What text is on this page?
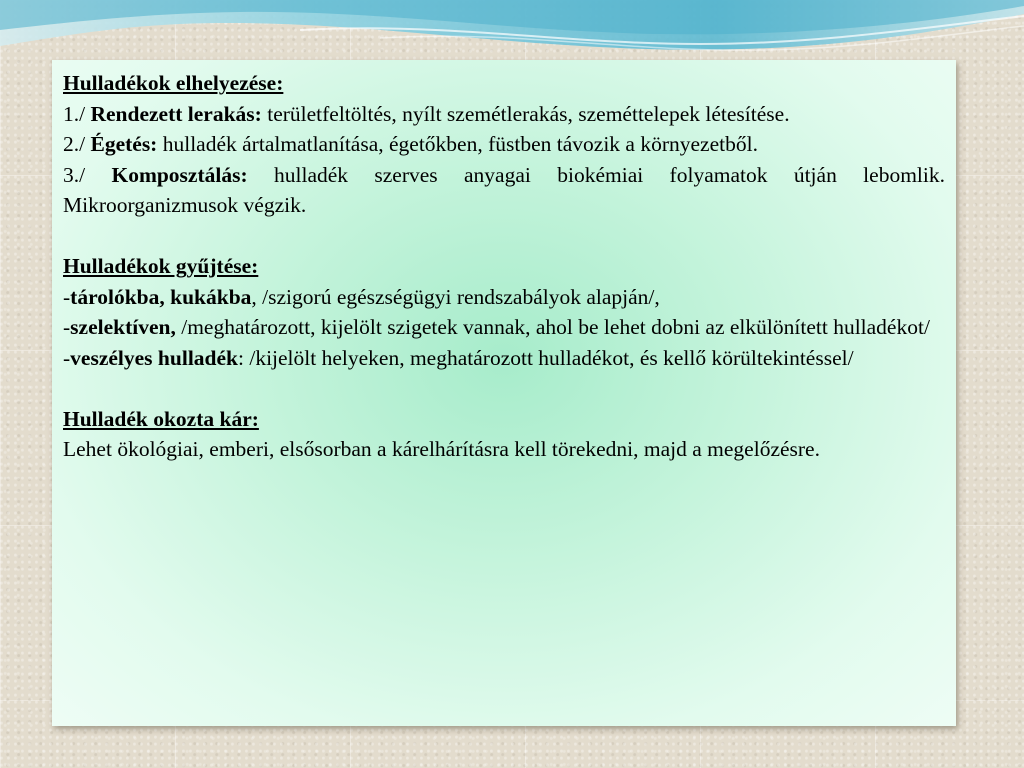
Hulladékok elhelyezése:

1./ Rendezett lerakás: területfeltöltés, nyílt szemétlerakás, szeméttelepek létesítése.

2./ Égetés: hulladék ártalmatlanítása, égetőkben, füstben távozik a környezetből.

3./ Komposztálás: hulladék szerves anyagai biokémiai folyamatok útján lebomlik. Mikroorganizmusok végzik.

Hulladékok gyűjtése:

-tárolókba, kukákba, /szigorú egészségügyi rendszabályok alapján/,

-szelektíven, /meghatározott, kijelölt szigetek vannak, ahol be lehet dobni az elkülönített hulladékot/

-veszélyes hulladék: /kijelölt helyeken, meghatározott hulladékot, és kellő körültekintéssel/

Hulladék okozta kár:

Lehet ökológiai, emberi, elsősorban a kárelhárításra kell törekedni, majd a megelőzésre.
